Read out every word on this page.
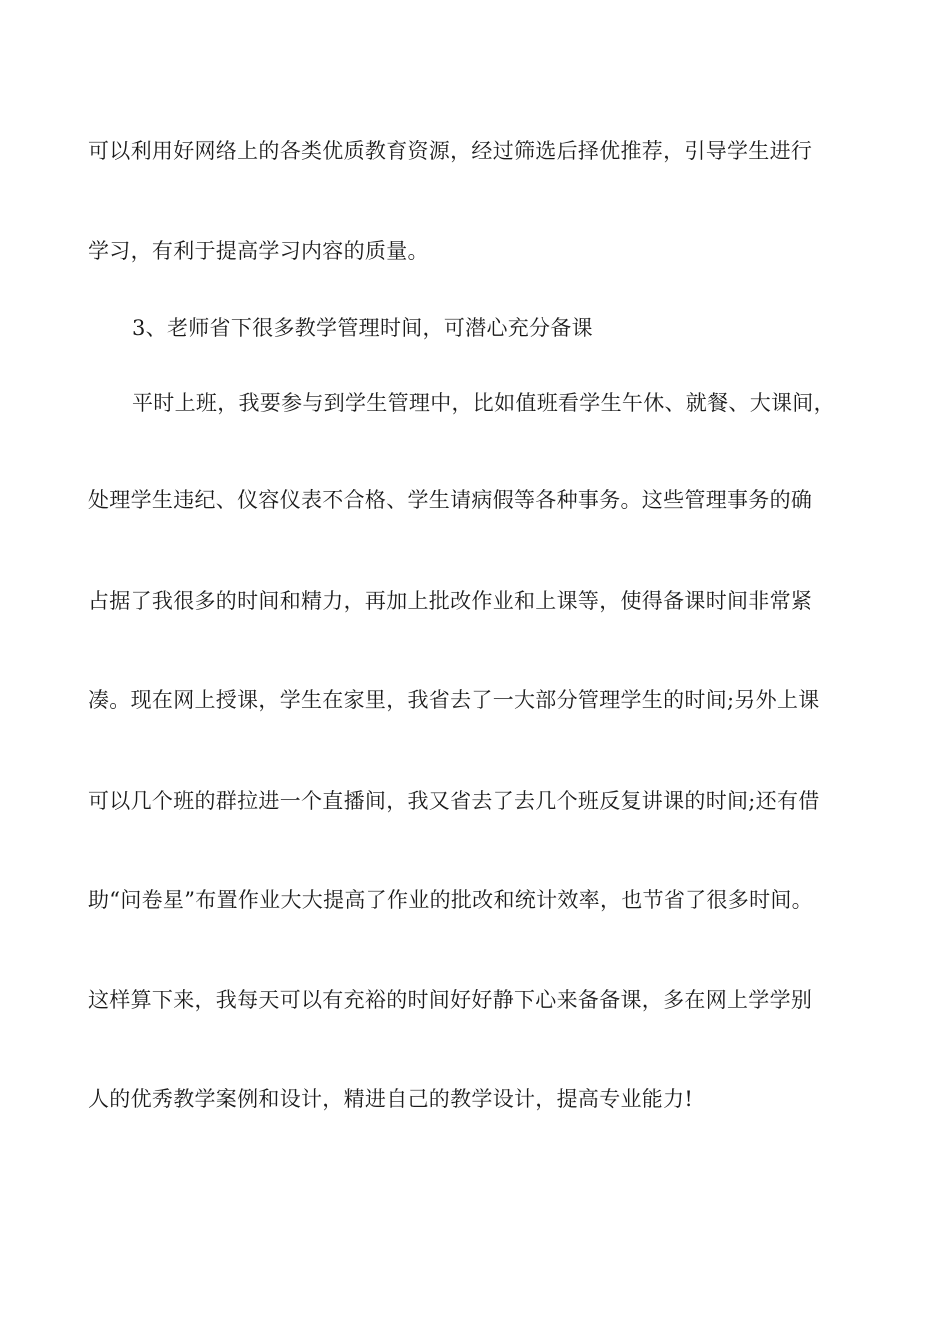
可以利用好网络上的各类优质教育资源，经过筛选后择优推荐，引导学生进行
学习，有利于提高学习内容的质量。
3、老师省下很多教学管理时间，可潜心充分备课
平时上班，我要参与到学生管理中，比如值班看学生午休、就餐、大课间，
处理学生违纪、仪容仪表不合格、学生请病假等各种事务。这些管理事务的确
占据了我很多的时间和精力，再加上批改作业和上课等，使得备课时间非常紧
凑。现在网上授课，学生在家里，我省去了一大部分管理学生的时间;另外上课
可以几个班的群拉进一个直播间，我又省去了去几个班反复讲课的时间;还有借
助“问卷星”布置作业大大提高了作业的批改和统计效率，也节省了很多时间。
这样算下来，我每天可以有充裕的时间好好静下心来备备课，多在网上学学别
人的优秀教学案例和设计，精进自己的教学设计，提高专业能力!
